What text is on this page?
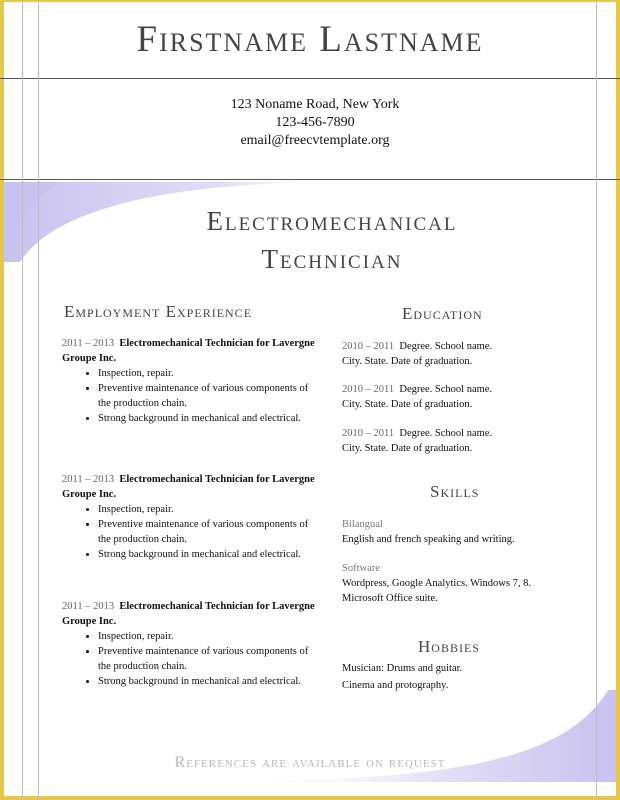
Firstname Lastname
123 Noname Road, New York
123-456-7890
email@freecvtemplate.org
Electromechanical
Technician
Employment Experience
2011 – 2013 Electromechanical Technician for Lavergne Groupe Inc.
• Inspection, repair.
• Preventive maintenance of various components of the production chain.
• Strong background in mechanical and electrical.
2011 – 2013 Electromechanical Technician for Lavergne Groupe Inc.
• Inspection, repair.
• Preventive maintenance of various components of the production chain.
• Strong background in mechanical and electrical.
2011 – 2013 Electromechanical Technician for Lavergne Groupe Inc.
• Inspection, repair.
• Preventive maintenance of various components of the production chain.
• Strong background in mechanical and electrical.
Education
2010 – 2011 Degree. School name.
City. State. Date of graduation.
2010 – 2011 Degree. School name.
City. State. Date of graduation.
2010 – 2011 Degree. School name.
City. State. Date of graduation.
Skills
Bilangual
English and french speaking and writing.
Software
Wordpress, Google Analytics. Windows 7, 8. Microsoft Office suite.
Hobbies
Musician: Drums and guitar.
Cinema and protography.
References are available on request
